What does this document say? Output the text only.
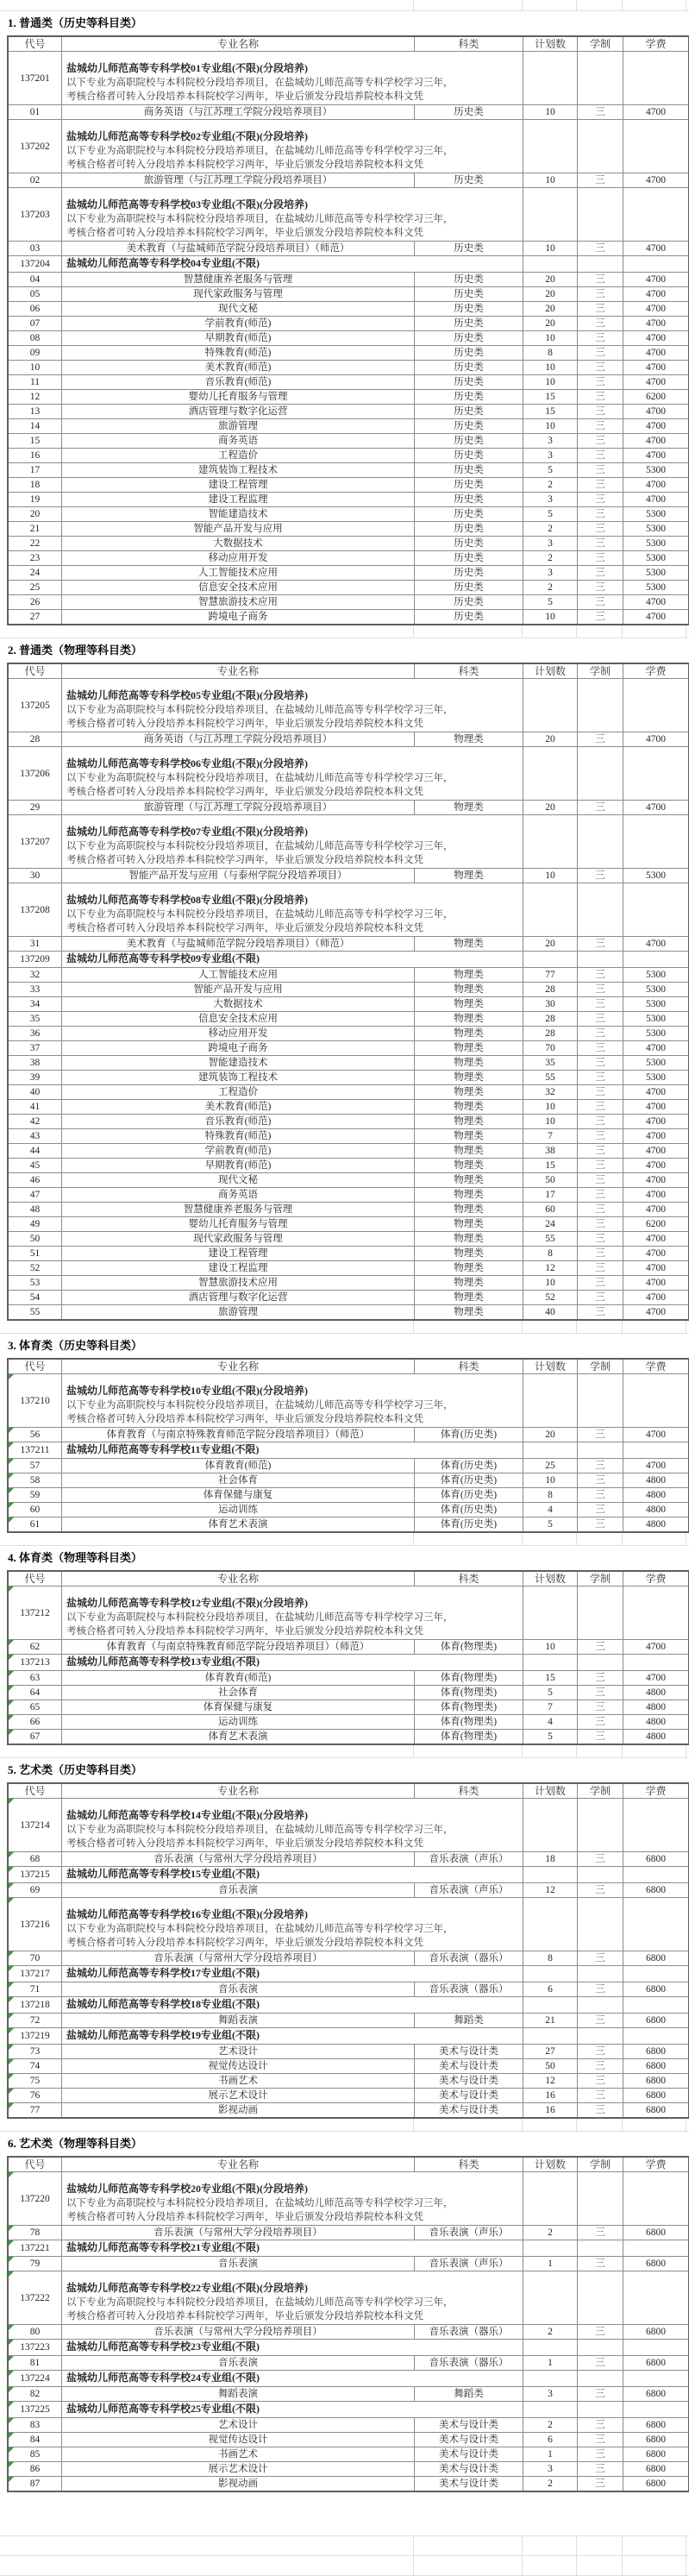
1. 普通类（历史等科目类）
代号	专业名称	科类	计划数	学制	学费
137201
盐城幼儿师范高等专科学校01专业组(不限)(分段培养)
以下专业为高职院校与本科院校分段培养项目，在盐城幼儿师范高等专科学校学习三年，考核合格者可转入分段培养本科院校学习两年，毕业后颁发分段培养院校本科文凭
01	商务英语（与江苏理工学院分段培养项目）	历史类	10	三	4700
137202
盐城幼儿师范高等专科学校02专业组(不限)(分段培养)
以下专业为高职院校与本科院校分段培养项目，在盐城幼儿师范高等专科学校学习三年，考核合格者可转入分段培养本科院校学习两年，毕业后颁发分段培养院校本科文凭
02	旅游管理（与江苏理工学院分段培养项目）	历史类	10	三	4700
137203
盐城幼儿师范高等专科学校03专业组(不限)(分段培养)
以下专业为高职院校与本科院校分段培养项目，在盐城幼儿师范高等专科学校学习三年，考核合格者可转入分段培养本科院校学习两年，毕业后颁发分段培养院校本科文凭
03	美术教育（与盐城师范学院分段培养项目）（师范）	历史类	10	三	4700
137204	盐城幼儿师范高等专科学校04专业组(不限)
04	智慧健康养老服务与管理	历史类	20	三	4700
05	现代家政服务与管理	历史类	20	三	4700
06	现代文秘	历史类	20	三	4700
07	学前教育(师范)	历史类	20	三	4700
08	早期教育(师范)	历史类	10	三	4700
09	特殊教育(师范)	历史类	8	三	4700
10	美术教育(师范)	历史类	10	三	4700
11	音乐教育(师范)	历史类	10	三	4700
12	婴幼儿托育服务与管理	历史类	15	三	6200
13	酒店管理与数字化运营	历史类	15	三	4700
14	旅游管理	历史类	10	三	4700
15	商务英语	历史类	3	三	4700
16	工程造价	历史类	3	三	4700
17	建筑装饰工程技术	历史类	5	三	5300
18	建设工程管理	历史类	2	三	4700
19	建设工程监理	历史类	3	三	4700
20	智能建造技术	历史类	5	三	5300
21	智能产品开发与应用	历史类	2	三	5300
22	大数据技术	历史类	3	三	5300
23	移动应用开发	历史类	2	三	5300
24	人工智能技术应用	历史类	3	三	5300
25	信息安全技术应用	历史类	2	三	5300
26	智慧旅游技术应用	历史类	5	三	4700
27	跨境电子商务	历史类	10	三	4700
2. 普通类（物理等科目类）
代号	专业名称	科类	计划数	学制	学费
137205
盐城幼儿师范高等专科学校05专业组(不限)(分段培养)
以下专业为高职院校与本科院校分段培养项目，在盐城幼儿师范高等专科学校学习三年，考核合格者可转入分段培养本科院校学习两年，毕业后颁发分段培养院校本科文凭
28	商务英语（与江苏理工学院分段培养项目）	物理类	20	三	4700
137206
盐城幼儿师范高等专科学校06专业组(不限)(分段培养)
以下专业为高职院校与本科院校分段培养项目，在盐城幼儿师范高等专科学校学习三年，考核合格者可转入分段培养本科院校学习两年，毕业后颁发分段培养院校本科文凭
29	旅游管理（与江苏理工学院分段培养项目）	物理类	20	三	4700
137207
盐城幼儿师范高等专科学校07专业组(不限)(分段培养)
以下专业为高职院校与本科院校分段培养项目，在盐城幼儿师范高等专科学校学习三年，考核合格者可转入分段培养本科院校学习两年，毕业后颁发分段培养院校本科文凭
30	智能产品开发与应用（与泰州学院分段培养项目）	物理类	10	三	5300
137208
盐城幼儿师范高等专科学校08专业组(不限)(分段培养)
以下专业为高职院校与本科院校分段培养项目，在盐城幼儿师范高等专科学校学习三年，考核合格者可转入分段培养本科院校学习两年，毕业后颁发分段培养院校本科文凭
31	美术教育（与盐城师范学院分段培养项目）（师范）	物理类	20	三	4700
137209	盐城幼儿师范高等专科学校09专业组(不限)
32	人工智能技术应用	物理类	77	三	5300
33	智能产品开发与应用	物理类	28	三	5300
34	大数据技术	物理类	30	三	5300
35	信息安全技术应用	物理类	28	三	5300
36	移动应用开发	物理类	28	三	5300
37	跨境电子商务	物理类	70	三	4700
38	智能建造技术	物理类	35	三	5300
39	建筑装饰工程技术	物理类	55	三	5300
40	工程造价	物理类	32	三	4700
41	美术教育(师范)	物理类	10	三	4700
42	音乐教育(师范)	物理类	10	三	4700
43	特殊教育(师范)	物理类	7	三	4700
44	学前教育(师范)	物理类	38	三	4700
45	早期教育(师范)	物理类	15	三	4700
46	现代文秘	物理类	50	三	4700
47	商务英语	物理类	17	三	4700
48	智慧健康养老服务与管理	物理类	60	三	4700
49	婴幼儿托育服务与管理	物理类	24	三	6200
50	现代家政服务与管理	物理类	55	三	4700
51	建设工程管理	物理类	8	三	4700
52	建设工程监理	物理类	12	三	4700
53	智慧旅游技术应用	物理类	10	三	4700
54	酒店管理与数字化运营	物理类	52	三	4700
55	旅游管理	物理类	40	三	4700
3. 体育类（历史等科目类）
代号	专业名称	科类	计划数	学制	学费
137210
盐城幼儿师范高等专科学校10专业组(不限)(分段培养)
以下专业为高职院校与本科院校分段培养项目，在盐城幼儿师范高等专科学校学习三年，考核合格者可转入分段培养本科院校学习两年，毕业后颁发分段培养院校本科文凭
56	体育教育（与南京特殊教育师范学院分段培养项目）（师范）	体育(历史类)	20	三	4700
137211	盐城幼儿师范高等专科学校11专业组(不限)
57	体育教育(师范)	体育(历史类)	25	三	4700
58	社会体育	体育(历史类)	10	三	4800
59	体育保健与康复	体育(历史类)	8	三	4800
60	运动训练	体育(历史类)	4	三	4800
61	体育艺术表演	体育(历史类)	5	三	4800
4. 体育类（物理等科目类）
代号	专业名称	科类	计划数	学制	学费
137212
盐城幼儿师范高等专科学校12专业组(不限)(分段培养)
以下专业为高职院校与本科院校分段培养项目，在盐城幼儿师范高等专科学校学习三年，考核合格者可转入分段培养本科院校学习两年，毕业后颁发分段培养院校本科文凭
62	体育教育（与南京特殊教育师范学院分段培养项目）（师范）	体育(物理类)	10	三	4700
137213	盐城幼儿师范高等专科学校13专业组(不限)
63	体育教育(师范)	体育(物理类)	15	三	4700
64	社会体育	体育(物理类)	5	三	4800
65	体育保健与康复	体育(物理类)	7	三	4800
66	运动训练	体育(物理类)	4	三	4800
67	体育艺术表演	体育(物理类)	5	三	4800
5. 艺术类（历史等科目类）
代号	专业名称	科类	计划数	学制	学费
137214
盐城幼儿师范高等专科学校14专业组(不限)(分段培养)
以下专业为高职院校与本科院校分段培养项目，在盐城幼儿师范高等专科学校学习三年，考核合格者可转入分段培养本科院校学习两年，毕业后颁发分段培养院校本科文凭
68	音乐表演（与常州大学分段培养项目）	音乐表演（声乐）	18	三	6800
137215	盐城幼儿师范高等专科学校15专业组(不限)
69	音乐表演	音乐表演（声乐）	12	三	6800
137216
盐城幼儿师范高等专科学校16专业组(不限)(分段培养)
以下专业为高职院校与本科院校分段培养项目，在盐城幼儿师范高等专科学校学习三年，考核合格者可转入分段培养本科院校学习两年，毕业后颁发分段培养院校本科文凭
70	音乐表演（与常州大学分段培养项目）	音乐表演（器乐）	8	三	6800
137217	盐城幼儿师范高等专科学校17专业组(不限)
71	音乐表演	音乐表演（器乐）	6	三	6800
137218	盐城幼儿师范高等专科学校18专业组(不限)
72	舞蹈表演	舞蹈类	21	三	6800
137219	盐城幼儿师范高等专科学校19专业组(不限)
73	艺术设计	美术与设计类	27	三	6800
74	视觉传达设计	美术与设计类	50	三	6800
75	书画艺术	美术与设计类	12	三	6800
76	展示艺术设计	美术与设计类	16	三	6800
77	影视动画	美术与设计类	16	三	6800
6. 艺术类（物理等科目类）
代号	专业名称	科类	计划数	学制	学费
137220
盐城幼儿师范高等专科学校20专业组(不限)(分段培养)
以下专业为高职院校与本科院校分段培养项目，在盐城幼儿师范高等专科学校学习三年，考核合格者可转入分段培养本科院校学习两年，毕业后颁发分段培养院校本科文凭
78	音乐表演（与常州大学分段培养项目）	音乐表演（声乐）	2	三	6800
137221	盐城幼儿师范高等专科学校21专业组(不限)
79	音乐表演	音乐表演（声乐）	1	三	6800
137222
盐城幼儿师范高等专科学校22专业组(不限)(分段培养)
以下专业为高职院校与本科院校分段培养项目，在盐城幼儿师范高等专科学校学习三年，考核合格者可转入分段培养本科院校学习两年，毕业后颁发分段培养院校本科文凭
80	音乐表演（与常州大学分段培养项目）	音乐表演（器乐）	2	三	6800
137223	盐城幼儿师范高等专科学校23专业组(不限)
81	音乐表演	音乐表演（器乐）	1	三	6800
137224	盐城幼儿师范高等专科学校24专业组(不限)
82	舞蹈表演	舞蹈类	3	三	6800
137225	盐城幼儿师范高等专科学校25专业组(不限)
83	艺术设计	美术与设计类	2	三	6800
84	视觉传达设计	美术与设计类	6	三	6800
85	书画艺术	美术与设计类	1	三	6800
86	展示艺术设计	美术与设计类	3	三	6800
87	影视动画	美术与设计类	2	三	6800
